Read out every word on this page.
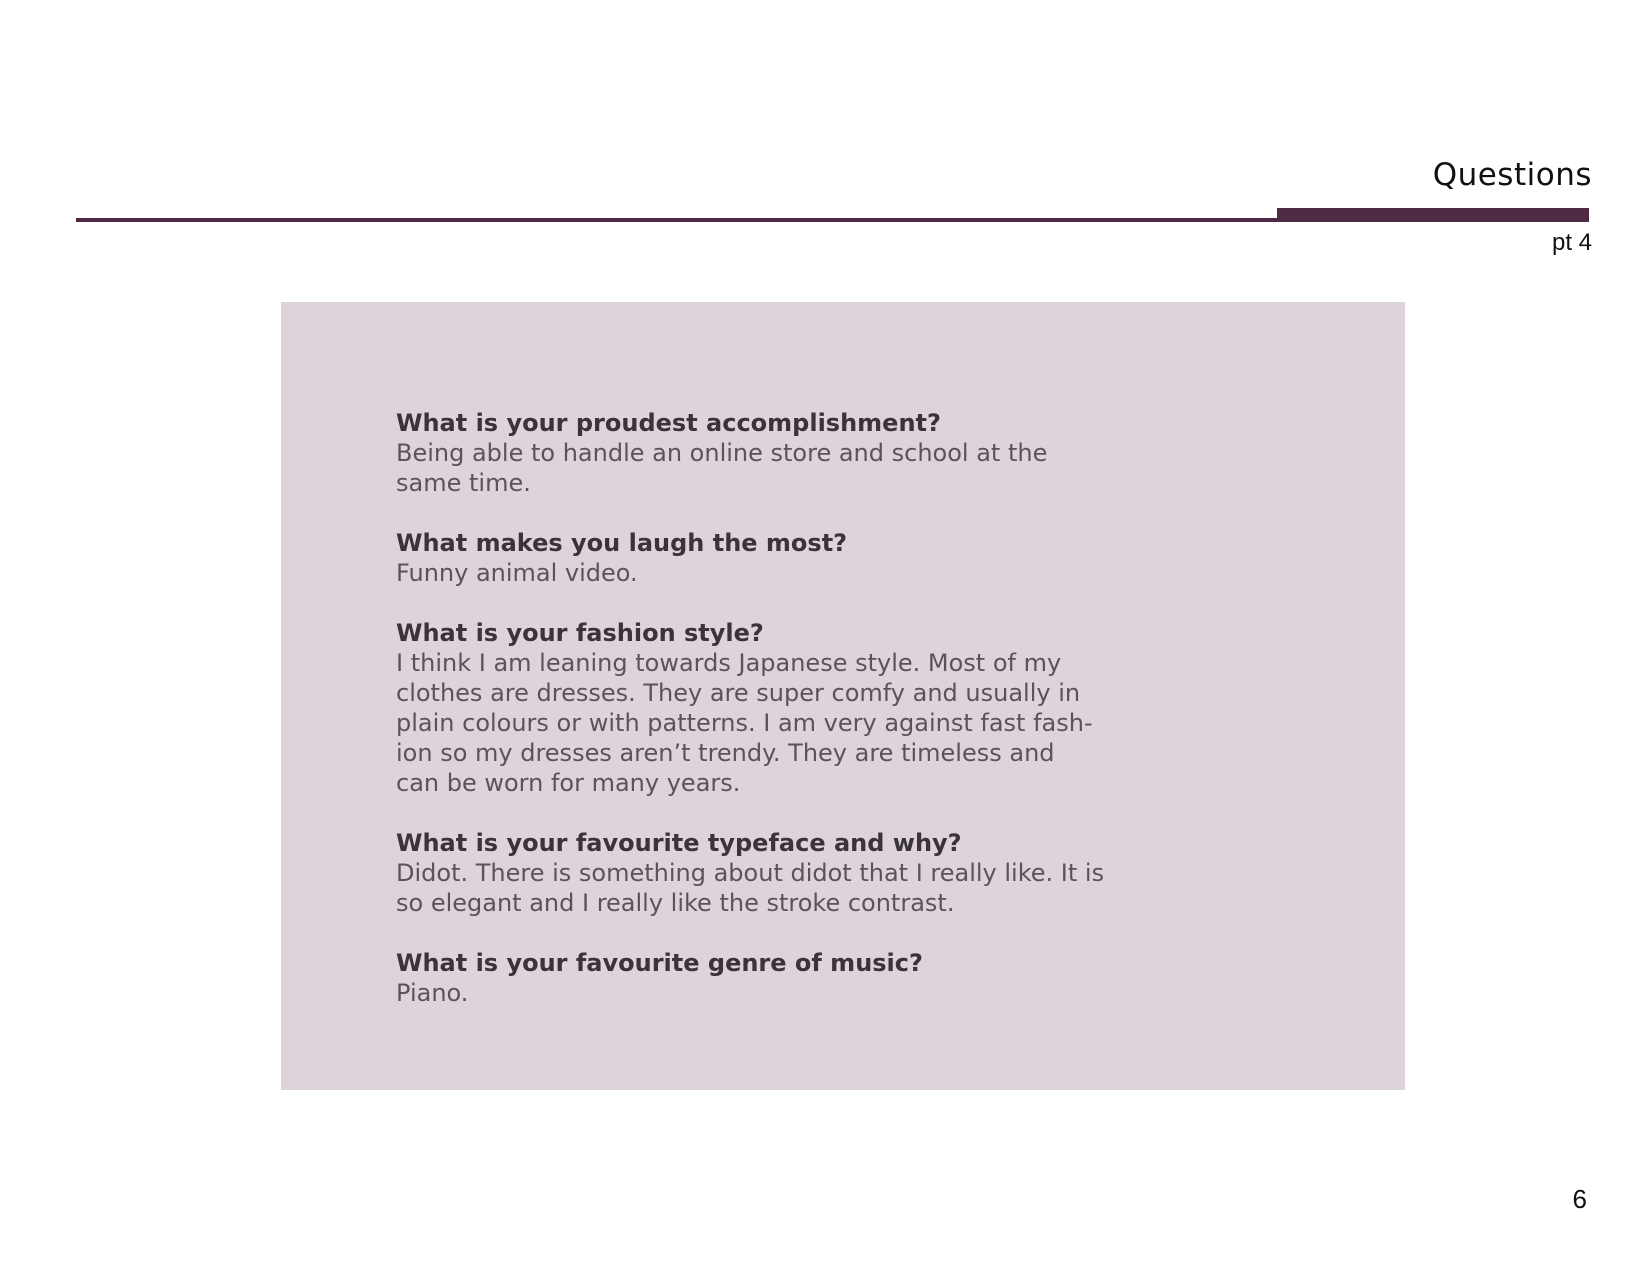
Questions
pt 4
What is your proudest accomplishment?
Being able to handle an online store and school at the
same time.
What makes you laugh the most?
Funny animal video.
What is your fashion style?
I think I am leaning towards Japanese style. Most of my
clothes are dresses. They are super comfy and usually in
plain colours or with patterns. I am very against fast fash-
ion so my dresses aren’t trendy. They are timeless and
can be worn for many years.
What is your favourite typeface and why?
Didot. There is something about didot that I really like. It is
so elegant and I really like the stroke contrast.
What is your favourite genre of music?
Piano.
6
